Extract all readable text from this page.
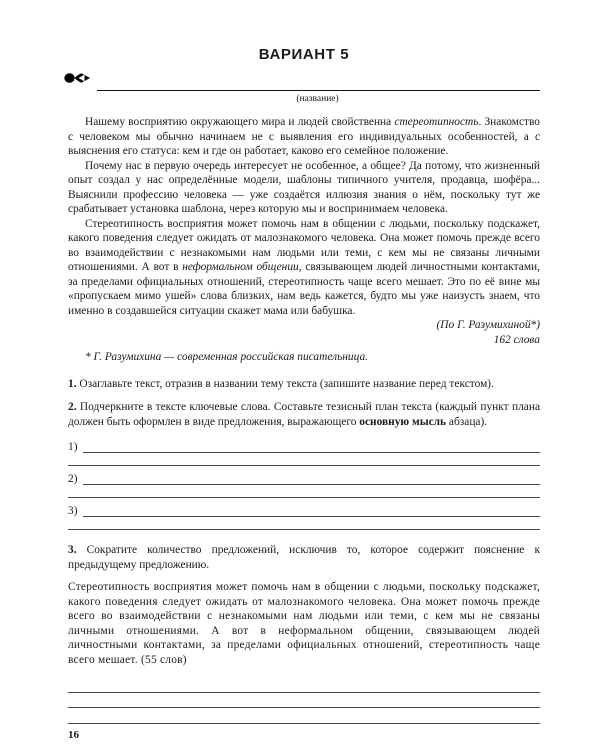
ВАРИАНТ 5
(название)

Нашему восприятию окружающего мира и людей свойственна стереотипность. Знакомство с человеком мы обычно начинаем не с выявления его индивидуальных особенностей, а с выяснения его статуса: кем и где он работает, каково его семейное положение.

Почему нас в первую очередь интересует не особенное, а общее? Да потому, что жизненный опыт создал у нас определённые модели, шаблоны типичного учителя, продавца, шофёра... Выяснили профессию человека — уже создаётся иллюзия знания о нём, поскольку тут же срабатывает установка шаблона, через которую мы и воспринимаем человека.

Стереотипность восприятия может помочь нам в общении с людьми, поскольку подскажет, какого поведения следует ожидать от малознакомого человека. Она может помочь прежде всего во взаимодействии с незнакомыми нам людьми или теми, с кем мы не связаны личными отношениями. А вот в неформальном общении, связывающем людей личностными контактами, за пределами официальных отношений, стереотипность чаще всего мешает. Это по её вине мы «пропускаем мимо ушей» слова близких, нам ведь кажется, будто мы уже наизусть знаем, что именно в создавшейся ситуации скажет мама или бабушка.

(По Г. Разумихиной*)
162 слова
* Г. Разумихина — современная российская писательница.

1. Озаглавьте текст, отразив в названии тему текста (запишите название перед текстом).

2. Подчеркните в тексте ключевые слова. Составьте тезисный план текста (каждый пункт плана должен быть оформлен в виде предложения, выражающего основную мысль абзаца).

1)
2)
3)

3. Сократите количество предложений, исключив то, которое содержит пояснение к предыдущему предложению.

Стереотипность восприятия может помочь нам в общении с людьми, поскольку подскажет, какого поведения следует ожидать от малознакомого человека. Она может помочь прежде всего во взаимодействии с незнакомыми нам людьми или теми, с кем мы не связаны личными отношениями. А вот в неформальном общении, связывающем людей личностными контактами, за пределами официальных отношений, стереотипность чаще всего мешает. (55 слов)

16
